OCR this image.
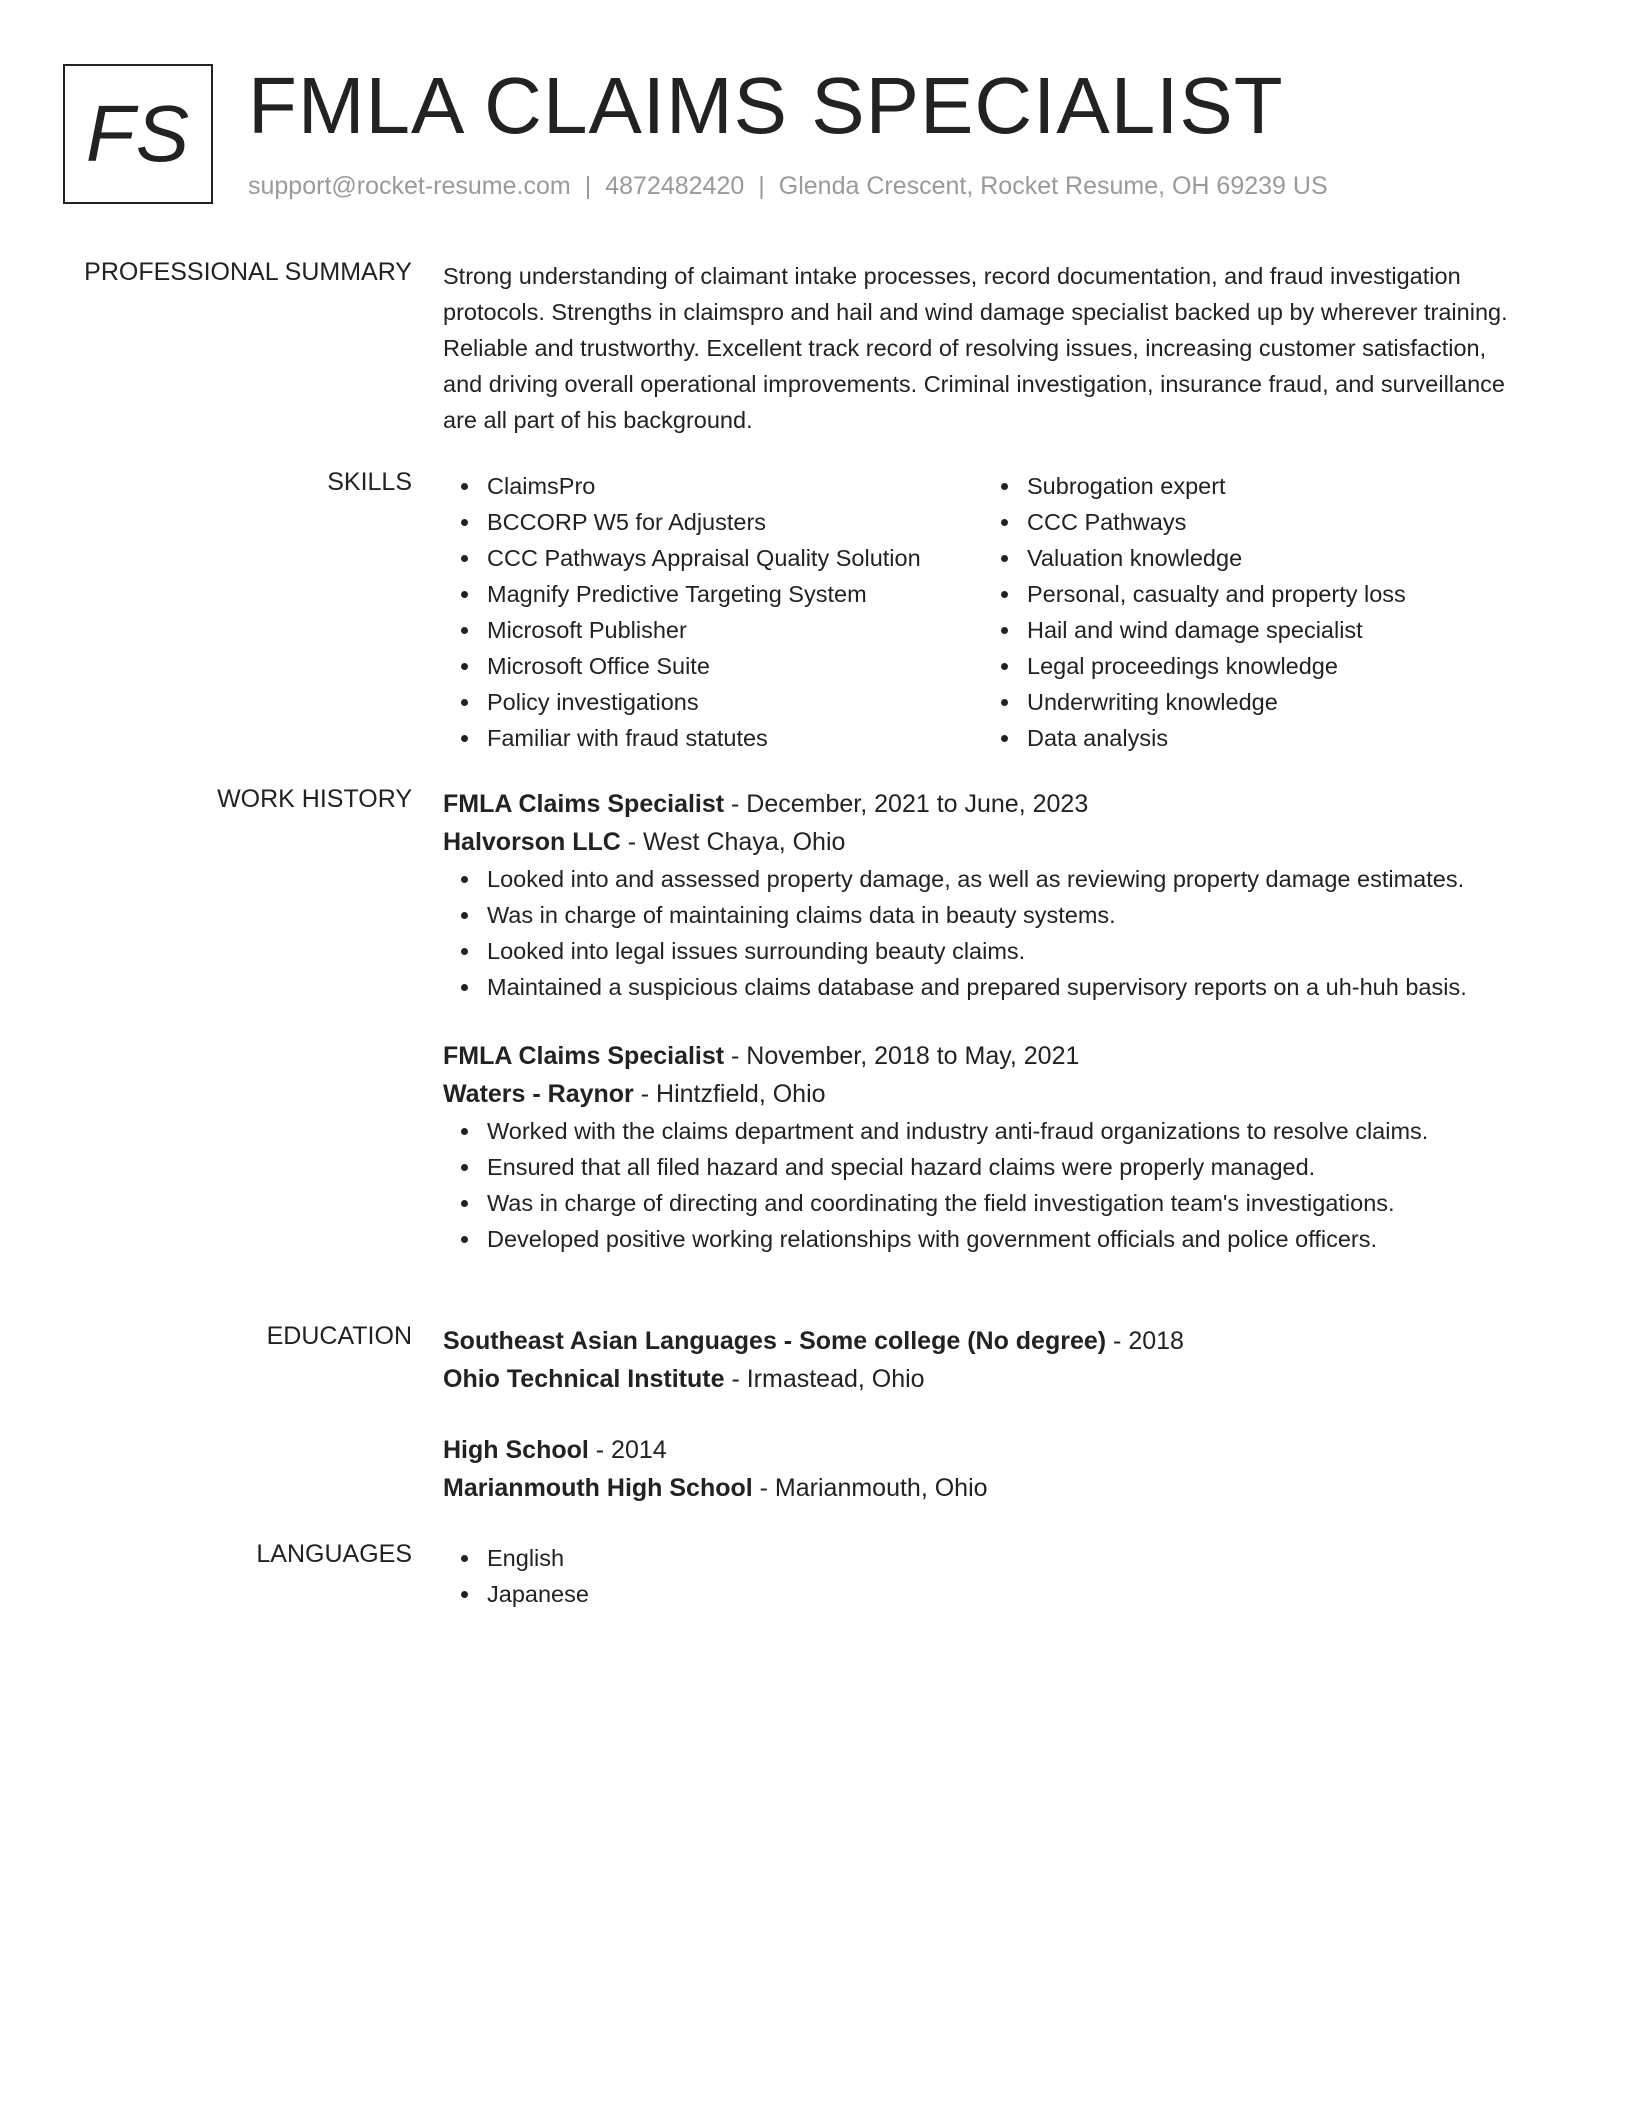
FS FMLA CLAIMS SPECIALIST
support@rocket-resume.com | 4872482420 | Glenda Crescent, Rocket Resume, OH 69239 US
PROFESSIONAL SUMMARY Strong understanding of claimant intake processes, record documentation, and fraud investigation protocols. Strengths in claimspro and hail and wind damage specialist backed up by wherever training. Reliable and trustworthy. Excellent track record of resolving issues, increasing customer satisfaction, and driving overall operational improvements. Criminal investigation, insurance fraud, and surveillance are all part of his background.

SKILLS	ClaimsPro
BCCORP W5 for Adjusters
CCC Pathways Appraisal Quality Solution
Magnify Predictive Targeting System
Microsoft Publisher
Microsoft Office Suite
Policy investigations
Familiar with fraud statutes
Subrogation expert
CCC Pathways
Valuation knowledge
Personal, casualty and property loss
Hail and wind damage specialist
Legal proceedings knowledge
Underwriting knowledge
Data analysis
WORK HISTORY FMLA Claims Specialist - December, 2021 to June, 2023
Halvorson LLC - West Chaya, Ohio
Looked into and assessed property damage, as well as reviewing property damage estimates.
Was in charge of maintaining claims data in beauty systems.
Looked into legal issues surrounding beauty claims.
Maintained a suspicious claims database and prepared supervisory reports on a uh-huh basis.
FMLA Claims Specialist - November, 2018 to May, 2021
Waters - Raynor - Hintzfield, Ohio
Worked with the claims department and industry anti-fraud organizations to resolve claims.
Ensured that all filed hazard and special hazard claims were properly managed.
Was in charge of directing and coordinating the field investigation team's investigations.
Developed positive working relationships with government officials and police officers.
EDUCATION Southeast Asian Languages - Some college (No degree) - 2018
Ohio Technical Institute - Irmastead, Ohio
High School - 2014
Marianmouth High School - Marianmouth, Ohio
LANGUAGES	English
Japanese
